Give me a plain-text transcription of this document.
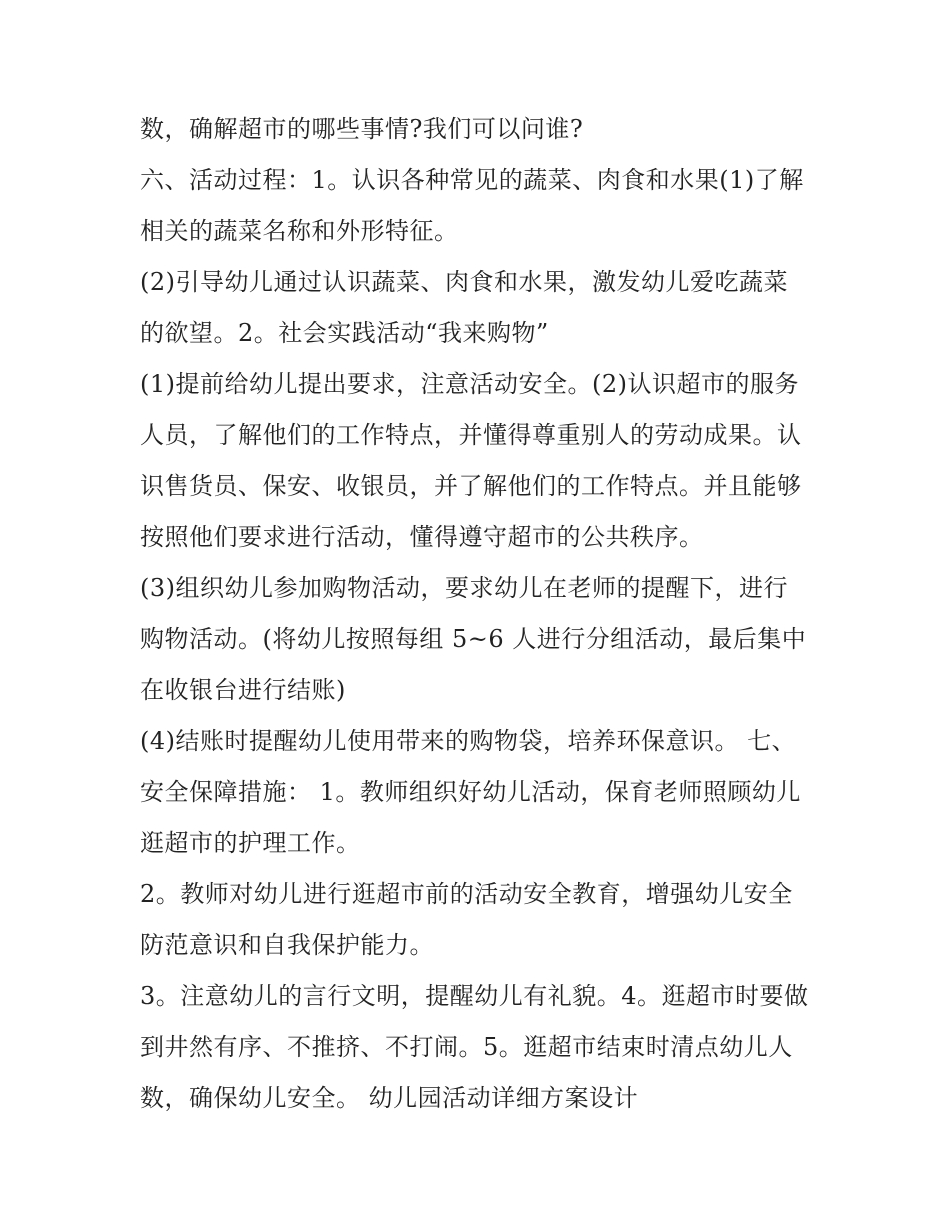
数，确解超市的哪些事情?我们可以问谁?
六、活动过程：1。认识各种常见的蔬菜、肉食和水果(1)了解
相关的蔬菜名称和外形特征。
(2)引导幼儿通过认识蔬菜、肉食和水果，激发幼儿爱吃蔬菜
的欲望。2。社会实践活动“我来购物”
(1)提前给幼儿提出要求，注意活动安全。(2)认识超市的服务
人员，了解他们的工作特点，并懂得尊重别人的劳动成果。认
识售货员、保安、收银员，并了解他们的工作特点。并且能够
按照他们要求进行活动，懂得遵守超市的公共秩序。
(3)组织幼儿参加购物活动，要求幼儿在老师的提醒下，进行
购物活动。(将幼儿按照每组 5~6 人进行分组活动，最后集中
在收银台进行结账)
(4)结账时提醒幼儿使用带来的购物袋，培养环保意识。 七、
安全保障措施： 1。教师组织好幼儿活动，保育老师照顾幼儿
逛超市的护理工作。
2。教师对幼儿进行逛超市前的活动安全教育，增强幼儿安全
防范意识和自我保护能力。
3。注意幼儿的言行文明，提醒幼儿有礼貌。4。逛超市时要做
到井然有序、不推挤、不打闹。5。逛超市结束时清点幼儿人
数，确保幼儿安全。 幼儿园活动详细方案设计
